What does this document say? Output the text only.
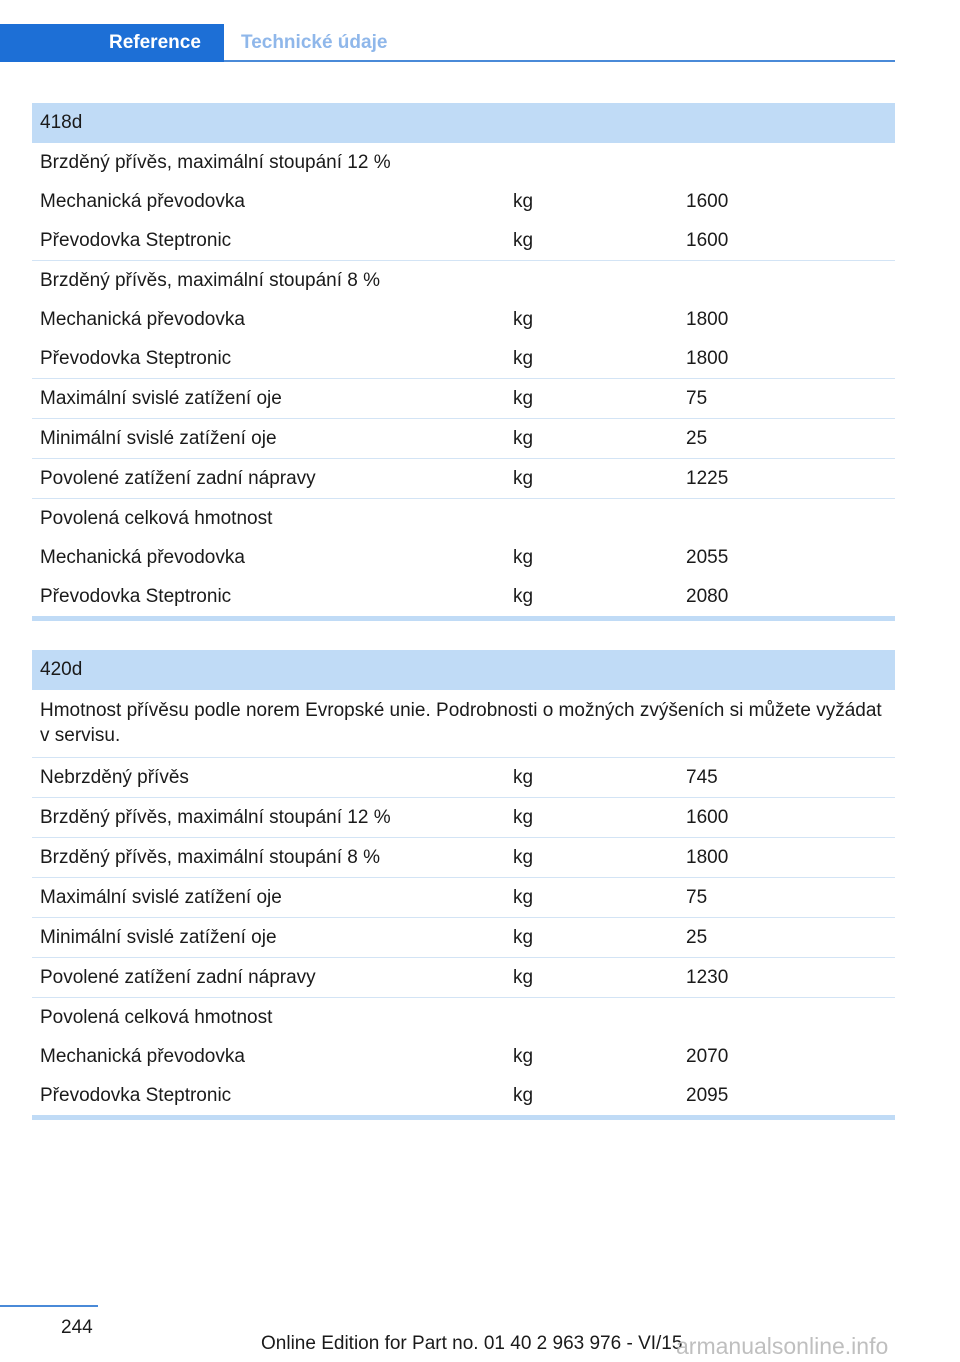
Reference	Technické údaje
418d
Brzděný přívěs, maximální stoupání 12 %
Mechanická převodovka	kg	1600
Převodovka Steptronic	kg	1600
Brzděný přívěs, maximální stoupání 8 %
Mechanická převodovka	kg	1800
Převodovka Steptronic	kg	1800
Maximální svislé zatížení oje	kg	75
Minimální svislé zatížení oje	kg	25
Povolené zatížení zadní nápravy	kg	1225
Povolená celková hmotnost
Mechanická převodovka	kg	2055
Převodovka Steptronic	kg	2080
420d
Hmotnost přívěsu podle norem Evropské unie. Podrobnosti o možných zvýšeních si můžete vyžádat v servisu.
Nebrzděný přívěs	kg	745
Brzděný přívěs, maximální stoupání 12 %	kg	1600
Brzděný přívěs, maximální stoupání 8 %	kg	1800
Maximální svislé zatížení oje	kg	75
Minimální svislé zatížení oje	kg	25
Povolené zatížení zadní nápravy	kg	1230
Povolená celková hmotnost
Mechanická převodovka	kg	2070
Převodovka Steptronic	kg	2095
244
Online Edition for Part no. 01 40 2 963 976 - VI/15
armanualsonline.info
